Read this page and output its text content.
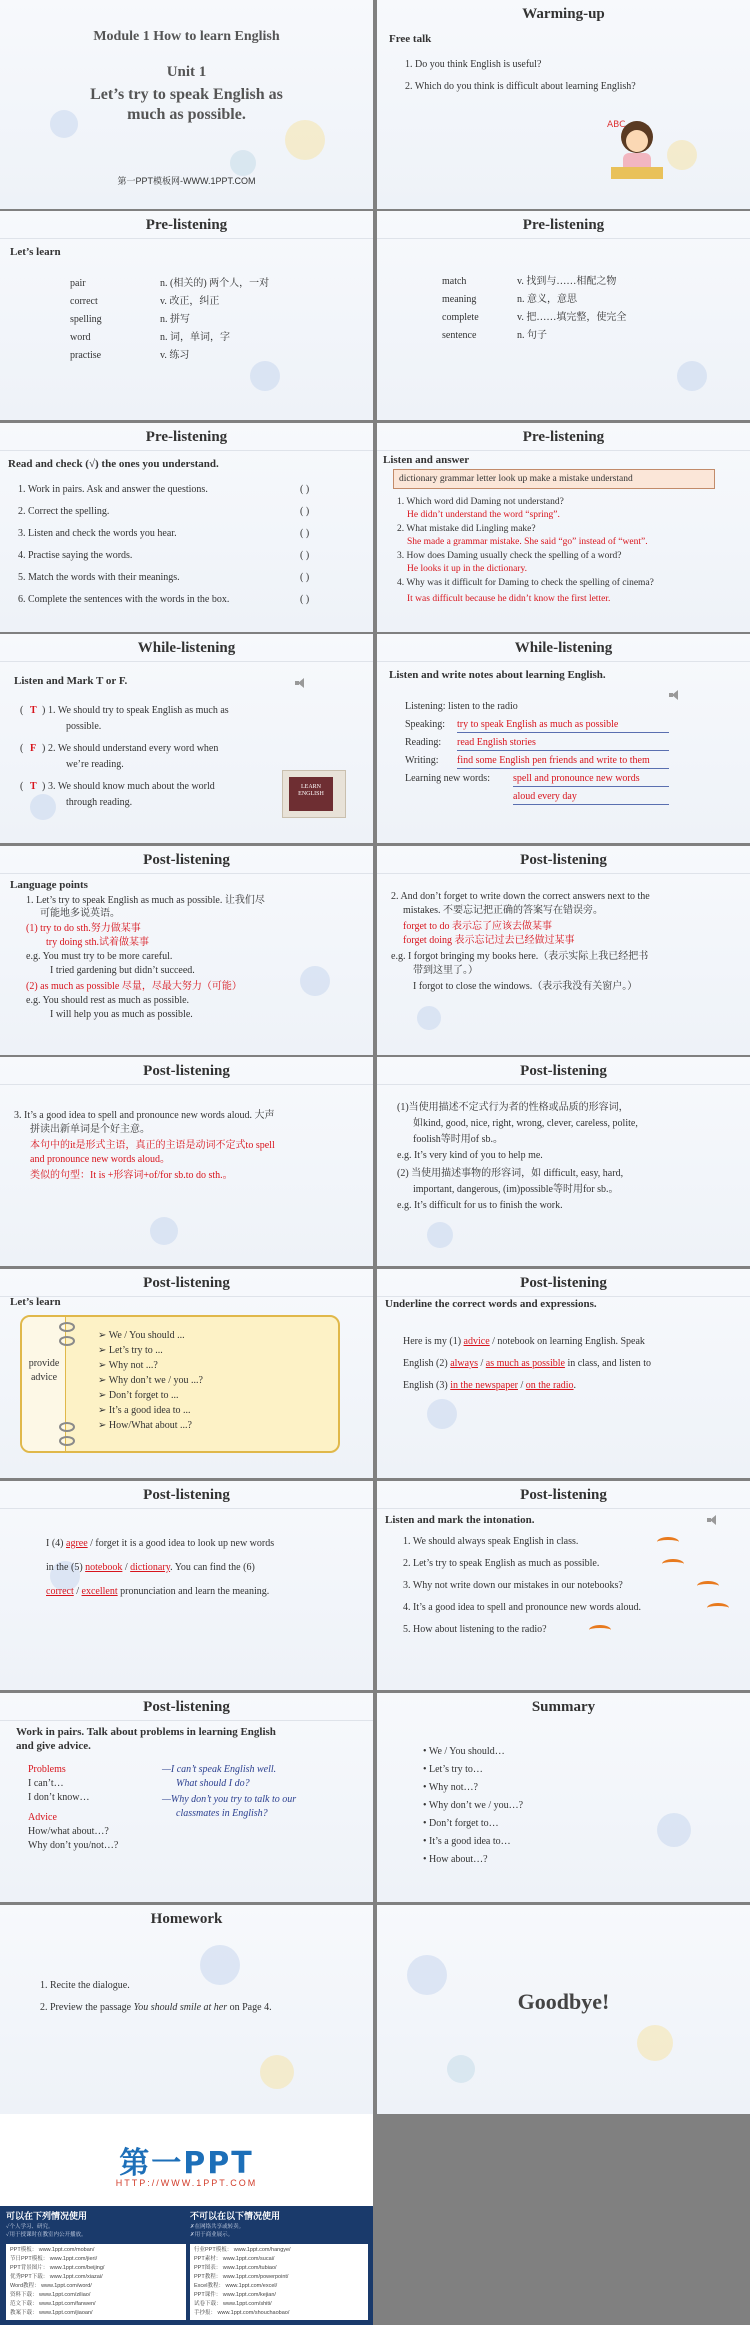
Module 1 How to learn English
Unit 1
Let’s try to speak English as
much as possible.
第一PPT模板网-WWW.1PPT.COM
Warming-up
Free talk
1. Do you think English is useful?
2. Which do you think is difficult about learning English?
ABC
Pre-listening
Let’s learn
pair
correct
spelling
word
practise
n. (相关的) 两个人，一对
v. 改正，纠正
n. 拼写
n. 词，单词，字
v. 练习
Pre-listening
match
meaning
complete
sentence
v. 找到与……相配之物
n. 意义，意思
v. 把……填完整，使完全
n. 句子
Pre-listening
Read and check (√) the ones you understand.
1. Work in pairs. Ask and answer the questions.
2. Correct the spelling.
3. Listen and check the words you hear.
4. Practise saying the words.
5. Match the words with their meanings.
6. Complete the sentences with the words in the box.
( )
( )
( )
( )
( )
( )
Pre-listening
Listen and answer
dictionary grammar letter look up make a mistake understand
1. Which word did Daming not understand?
He didn’t understand the word “spring”.
2. What mistake did Lingling make?
She made a grammar mistake. She said “go” instead of “went”.
3. How does Daming usually check the spelling of a word?
He looks it up in the dictionary.
4. Why was it difficult for Daming to check the spelling of cinema?
It was difficult because he didn’t know the first letter.
While-listening
Listen and Mark T or F.
( T ) 1. We should try to speak English as much as
possible.
( F ) 2. We should understand every word when
we’re reading.
( T ) 3. We should know much about the world
through reading.
LEARN ENGLISH
While-listening
Listen and write notes about learning English.
Listening: listen to the radio
Speaking: try to speak English as much as possible
Reading: read English stories
Writing: find some English pen friends and write to them
Learning new words: spell and pronounce new words
aloud every day
Post-listening
Language points
1. Let’s try to speak English as much as possible. 让我们尽
可能地多说英语。
(1) try to do sth.努力做某事
try doing sth.试着做某事
e.g. You must try to be more careful.
I tried gardening but didn’t succeed.
(2) as much as possible 尽量，尽最大努力（可能）
e.g. You should rest as much as possible.
I will help you as much as possible.
Post-listening
2. And don’t forget to write down the correct answers next to the
mistakes. 不要忘记把正确的答案写在错误旁。
forget to do 表示忘了应该去做某事
forget doing 表示忘记过去已经做过某事
e.g. I forgot bringing my books here.（表示实际上我已经把书
带到这里了。）
I forgot to close the windows.（表示我没有关窗户。）
Post-listening
3. It’s a good idea to spell and pronounce new words aloud. 大声
拼读出新单词是个好主意。
本句中的it是形式主语，真正的主语是动词不定式to spell
and pronounce new words aloud。
类似的句型：It is +形容词+of/for sb.to do sth.。
Post-listening
(1)当使用描述不定式行为者的性格或品质的形容词，
如kind, good, nice, right, wrong, clever, careless, polite,
foolish等时用of sb.。
e.g. It’s very kind of you to help me.
(2) 当使用描述事物的形容词，如 difficult, easy, hard,
important, dangerous, (im)possible等时用for sb.。
e.g. It’s difficult for us to finish the work.
Post-listening
Let’s learn
provide advice
➢ We / You should ...
➢ Let’s try to ...
➢ Why not ...?
➢ Why don’t we / you ...?
➢ Don’t forget to ...
➢ It’s a good idea to ...
➢ How/What about ...?
Post-listening
Underline the correct words and expressions.
Here is my (1) advice / notebook on learning English. Speak
English (2) always / as much as possible in class, and listen to
English (3) in the newspaper / on the radio.
Post-listening
I (4) agree / forget it is a good idea to look up new words
in the (5) notebook / dictionary. You can find the (6)
correct / excellent pronunciation and learn the meaning.
Post-listening
Listen and mark the intonation.
1. We should always speak English in class.
2. Let’s try to speak English as much as possible.
3. Why not write down our mistakes in our notebooks?
4. It’s a good idea to spell and pronounce new words aloud.
5. How about listening to the radio?
Post-listening
Work in pairs. Talk about problems in learning English
and give advice.
Problems
I can’t…
I don’t know…
Advice
How/what about…?
Why don’t you/not…?
—I can’t speak English well.
What should I do?
—Why don’t you try to talk to our
classmates in English?
Summary
• We / You should…
• Let’s try to…
• Why not…?
• Why don’t we / you…?
• Don’t forget to…
• It’s a good idea to…
• How about…?
Homework
1. Recite the dialogue.
2. Preview the passage You should smile at her on Page 4.	Goodbye!
第一PPT
HTTP://WWW.1PPT.COM
可以在下列情况使用	不可以在以下情况使用
✓个人学习、研究。
✓用于授课时在教室内公开播放。
✗在网络共享或转卖。
✗用于商业展示。
PPT模板： www.1ppt.com/moban/
节日PPT模板： www.1ppt.com/jieri/
PPT背景图片： www.1ppt.com/beijing/
优秀PPT下载： www.1ppt.com/xiazai/
Word教程： www.1ppt.com/word/
资料下载： www.1ppt.com/ziliao/
范文下载： www.1ppt.com/fanwen/
教案下载： www.1ppt.com/jiaoan/
行业PPT模板： www.1ppt.com/hangye/
PPT素材： www.1ppt.com/sucai/
PPT图表： www.1ppt.com/tubiao/
PPT教程： www.1ppt.com/powerpoint/
Excel教程： www.1ppt.com/excel/
PPT课件： www.1ppt.com/kejian/
试卷下载： www.1ppt.com/shiti/
手抄报： www.1ppt.com/shouchaobao/
